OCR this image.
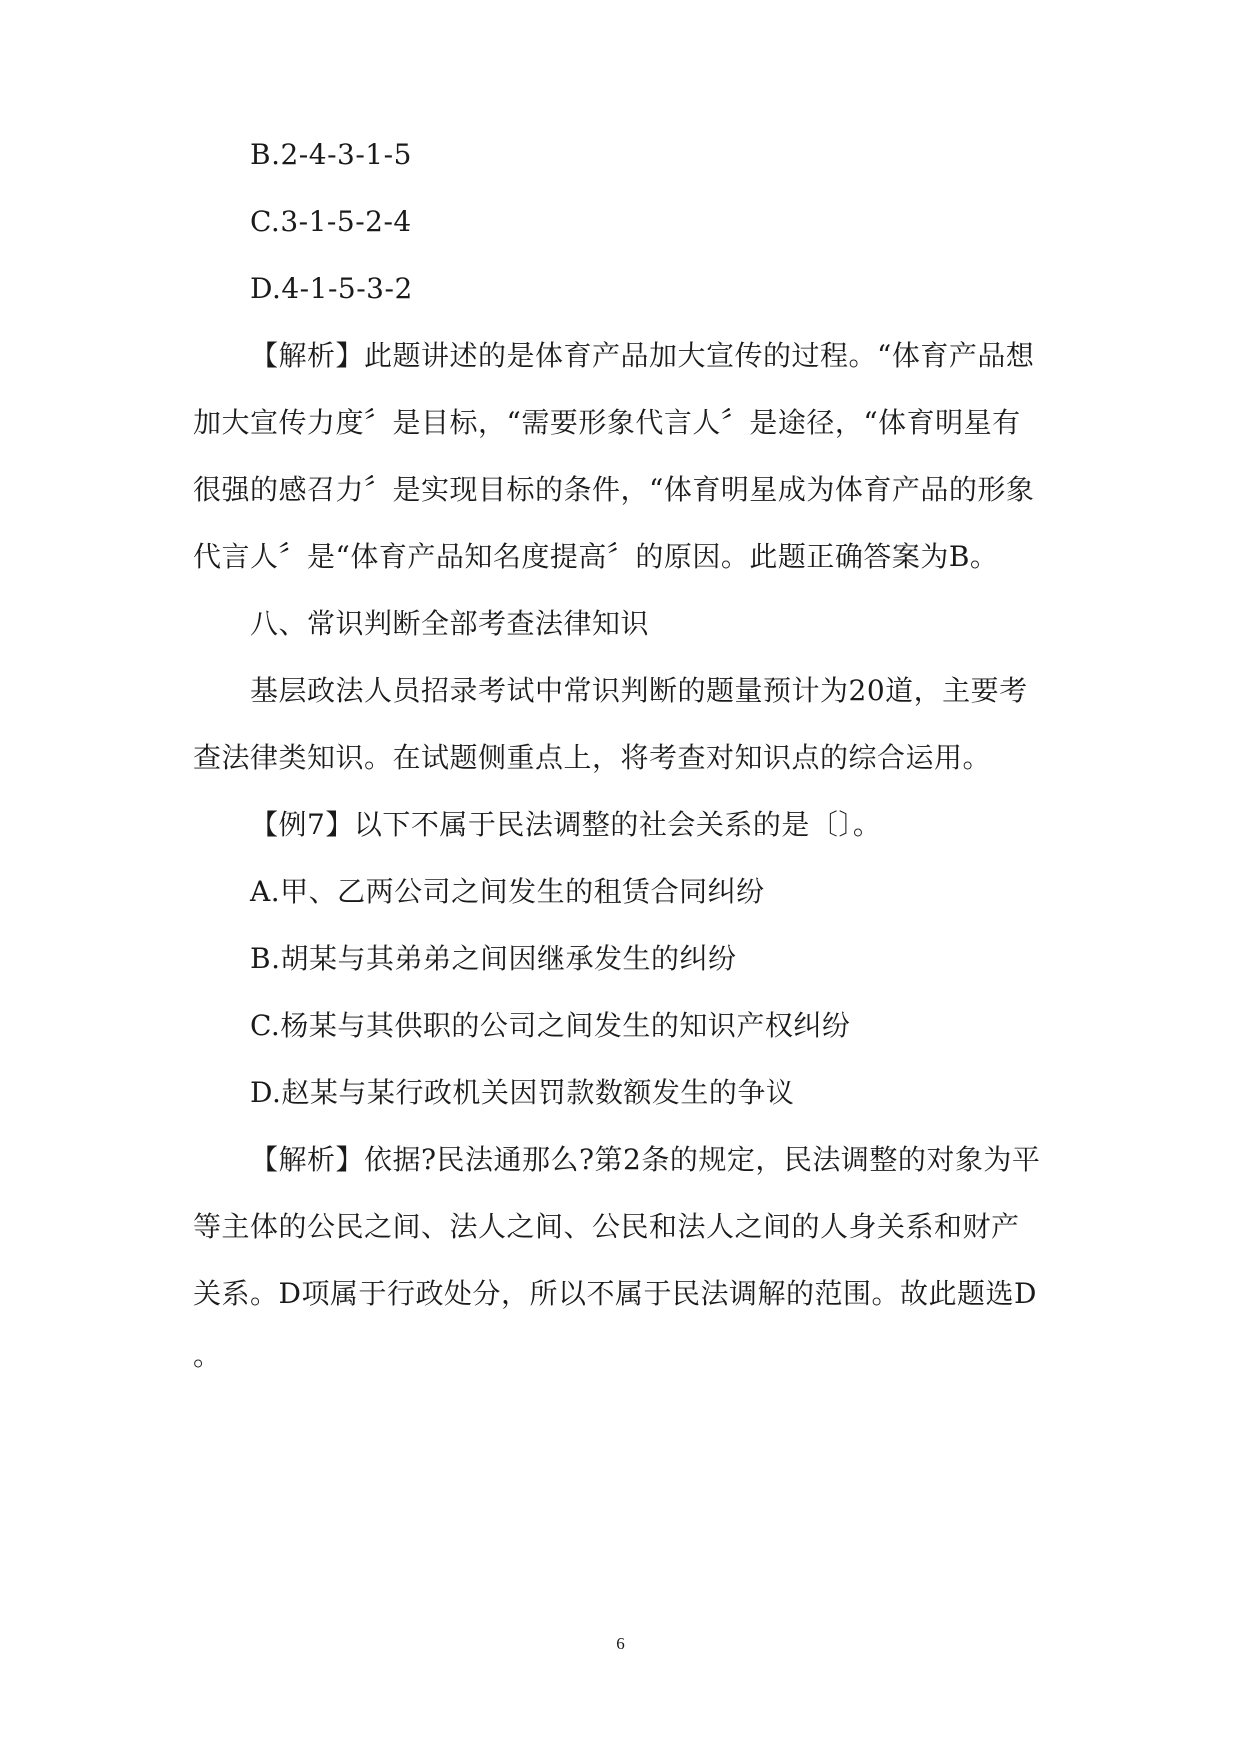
B.2-4-3-1-5
C.3-1-5-2-4
D.4-1-5-3-2
【解析】此题讲述的是体育产品加大宣传的过程。“体育产品想
加大宣传力度〞是目标，“需要形象代言人〞是途径，“体育明星有
很强的感召力〞是实现目标的条件，“体育明星成为体育产品的形象
代言人〞是“体育产品知名度提高〞的原因。此题正确答案为B。
八、常识判断全部考查法律知识
基层政法人员招录考试中常识判断的题量预计为20道，主要考
查法律类知识。在试题侧重点上，将考查对知识点的综合运用。
【例7】以下不属于民法调整的社会关系的是〔〕。
A.甲、乙两公司之间发生的租赁合同纠纷
B.胡某与其弟弟之间因继承发生的纠纷
C.杨某与其供职的公司之间发生的知识产权纠纷
D.赵某与某行政机关因罚款数额发生的争议
【解析】依据?民法通那么?第2条的规定，民法调整的对象为平
等主体的公民之间、法人之间、公民和法人之间的人身关系和财产
关系。D项属于行政处分，所以不属于民法调解的范围。故此题选D
。
6
